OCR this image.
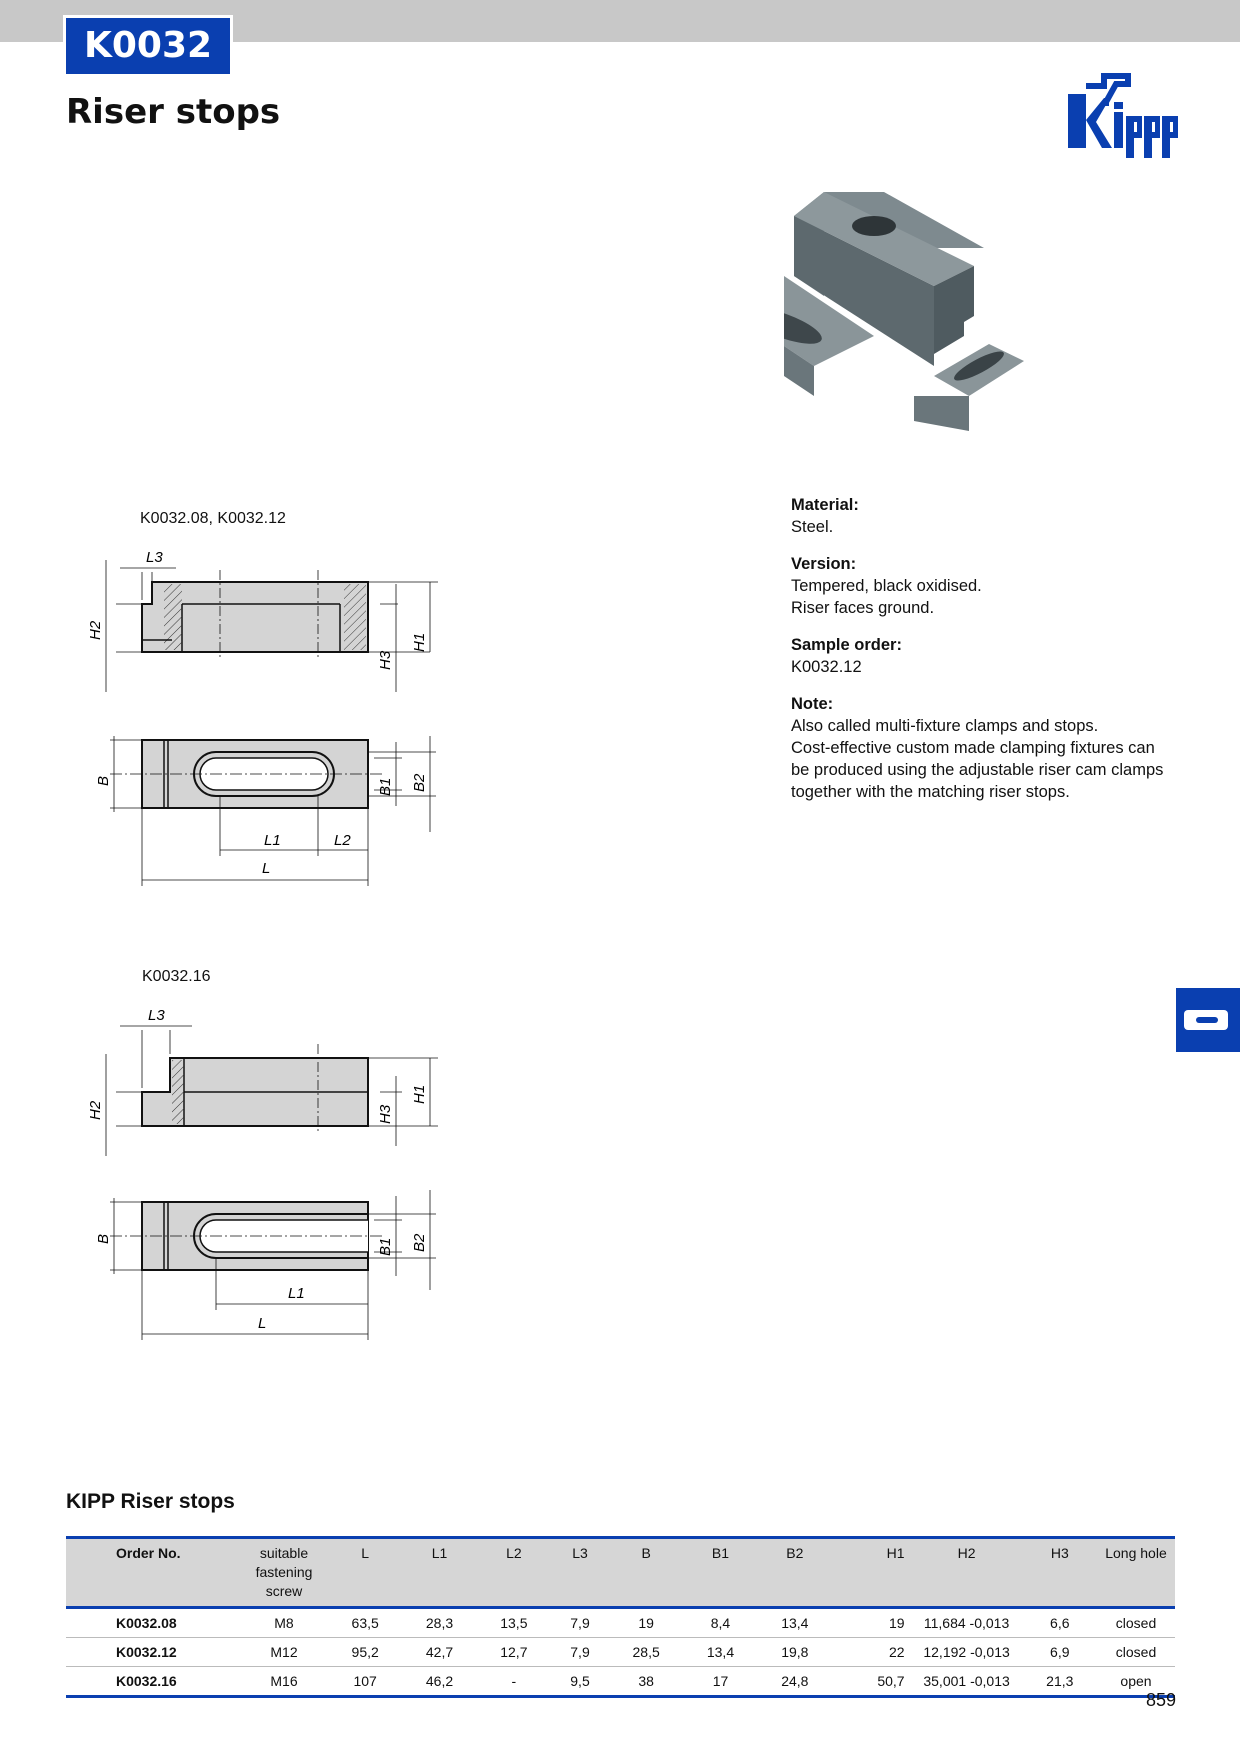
K0032
Riser stops
Kipp
K0032.08, K0032.12
K0032.16
H2
L3
H3
H1
B	B1 B2
L1	L2
L
H2
L3
H3
H1
B	B1 B2
L1
L
Material:
Steel.
Version:
Tempered, black oxidised.
Riser faces ground.
Sample order:
K0032.12
Note:
Also called multi-fixture clamps and stops.
Cost-effective custom made clamping fixtures can
be produced using the adjustable riser cam clamps
together with the matching riser stops.
KIPP Riser stops
Order No.	suitable fastening screw	L	L1	L2	L3	B	B1	B2	H1	H2	H3	Long hole
K0032.08	M8	63,5	28,3	13,5	7,9	19	8,4	13,4	19	11,684 -0,013	6,6	closed
K0032.12	M12	95,2	42,7	12,7	7,9	28,5	13,4	19,8	22	12,192 -0,013	6,9	closed
K0032.16	M16	107	46,2	-	9,5	38	17	24,8	50,7	35,001 -0,013	21,3	open
859
